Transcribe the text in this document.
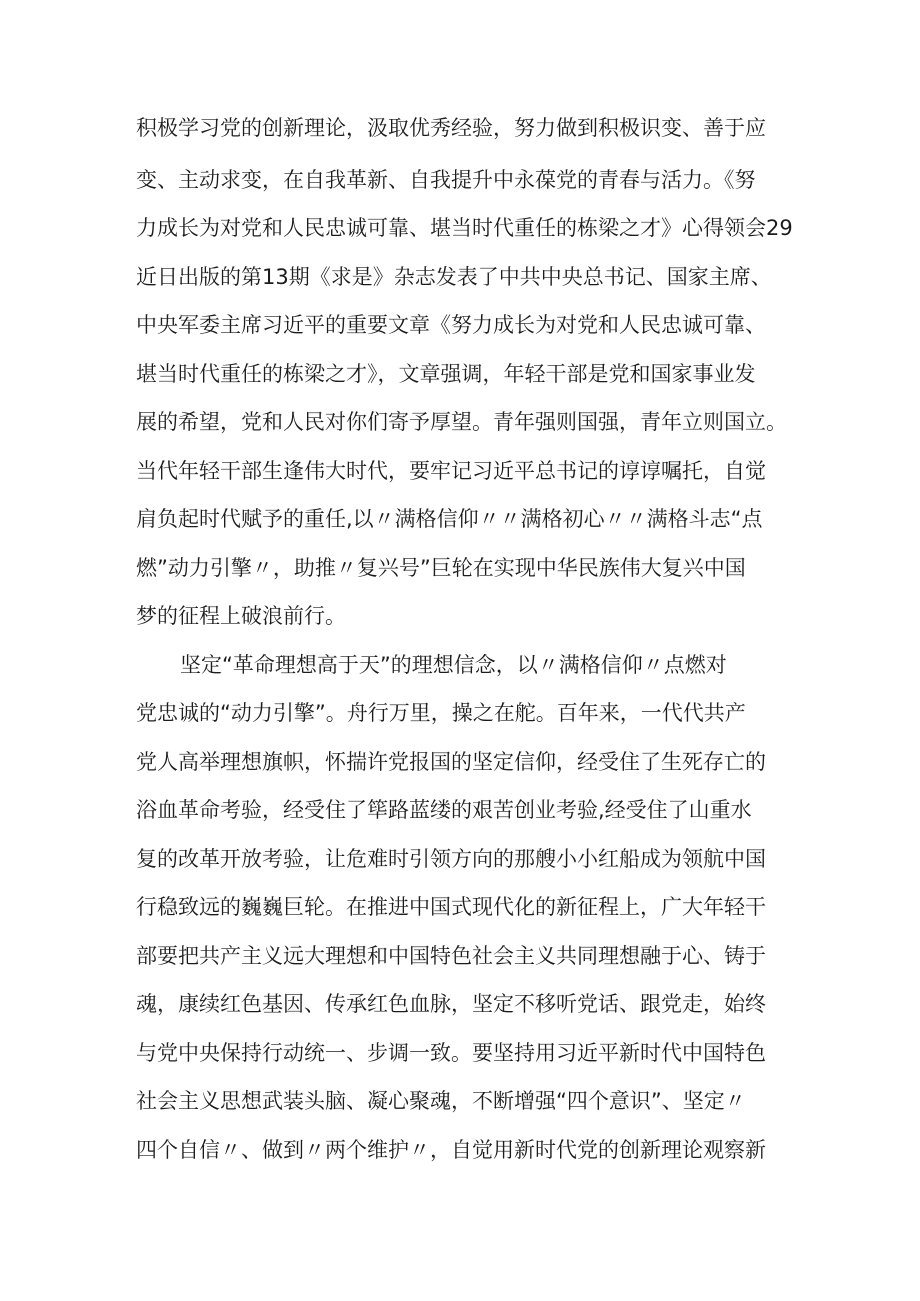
积极学习党的创新理论，汲取优秀经验，努力做到积极识变、善于应

变、主动求变，在自我革新、自我提升中永葆党的青春与活力。《努

力成长为对党和人民忠诚可靠、堪当时代重任的栋梁之才》心得领会29

近日出版的第13期《求是》杂志发表了中共中央总书记、国家主席、

中央军委主席习近平的重要文章《努力成长为对党和人民忠诚可靠、

堪当时代重任的栋梁之才》，文章强调，年轻干部是党和国家事业发

展的希望，党和人民对你们寄予厚望。青年强则国强，青年立则国立。

当代年轻干部生逢伟大时代，要牢记习近平总书记的谆谆嘱托，自觉

肩负起时代赋予的重任,以〃满格信仰〃〃满格初心〃〃满格斗志“点

燃”动力引擎〃，助推〃复兴号”巨轮在实现中华民族伟大复兴中国

梦的征程上破浪前行。

坚定“革命理想高于天”的理想信念，以〃满格信仰〃点燃对

党忠诚的“动力引擎”。舟行万里，操之在舵。百年来，一代代共产

党人高举理想旗帜，怀揣许党报国的坚定信仰，经受住了生死存亡的

浴血革命考验，经受住了筚路蓝缕的艰苦创业考验,经受住了山重水

复的改革开放考验，让危难时引领方向的那艘小小红船成为领航中国

行稳致远的巍巍巨轮。在推进中国式现代化的新征程上，广大年轻干

部要把共产主义远大理想和中国特色社会主义共同理想融于心、铸于

魂，康续红色基因、传承红色血脉，坚定不移听党话、跟党走，始终

与党中央保持行动统一、步调一致。要坚持用习近平新时代中国特色

社会主义思想武装头脑、凝心聚魂，不断增强“四个意识”、坚定〃

四个自信〃、做到〃两个维护〃，自觉用新时代党的创新理论观察新
